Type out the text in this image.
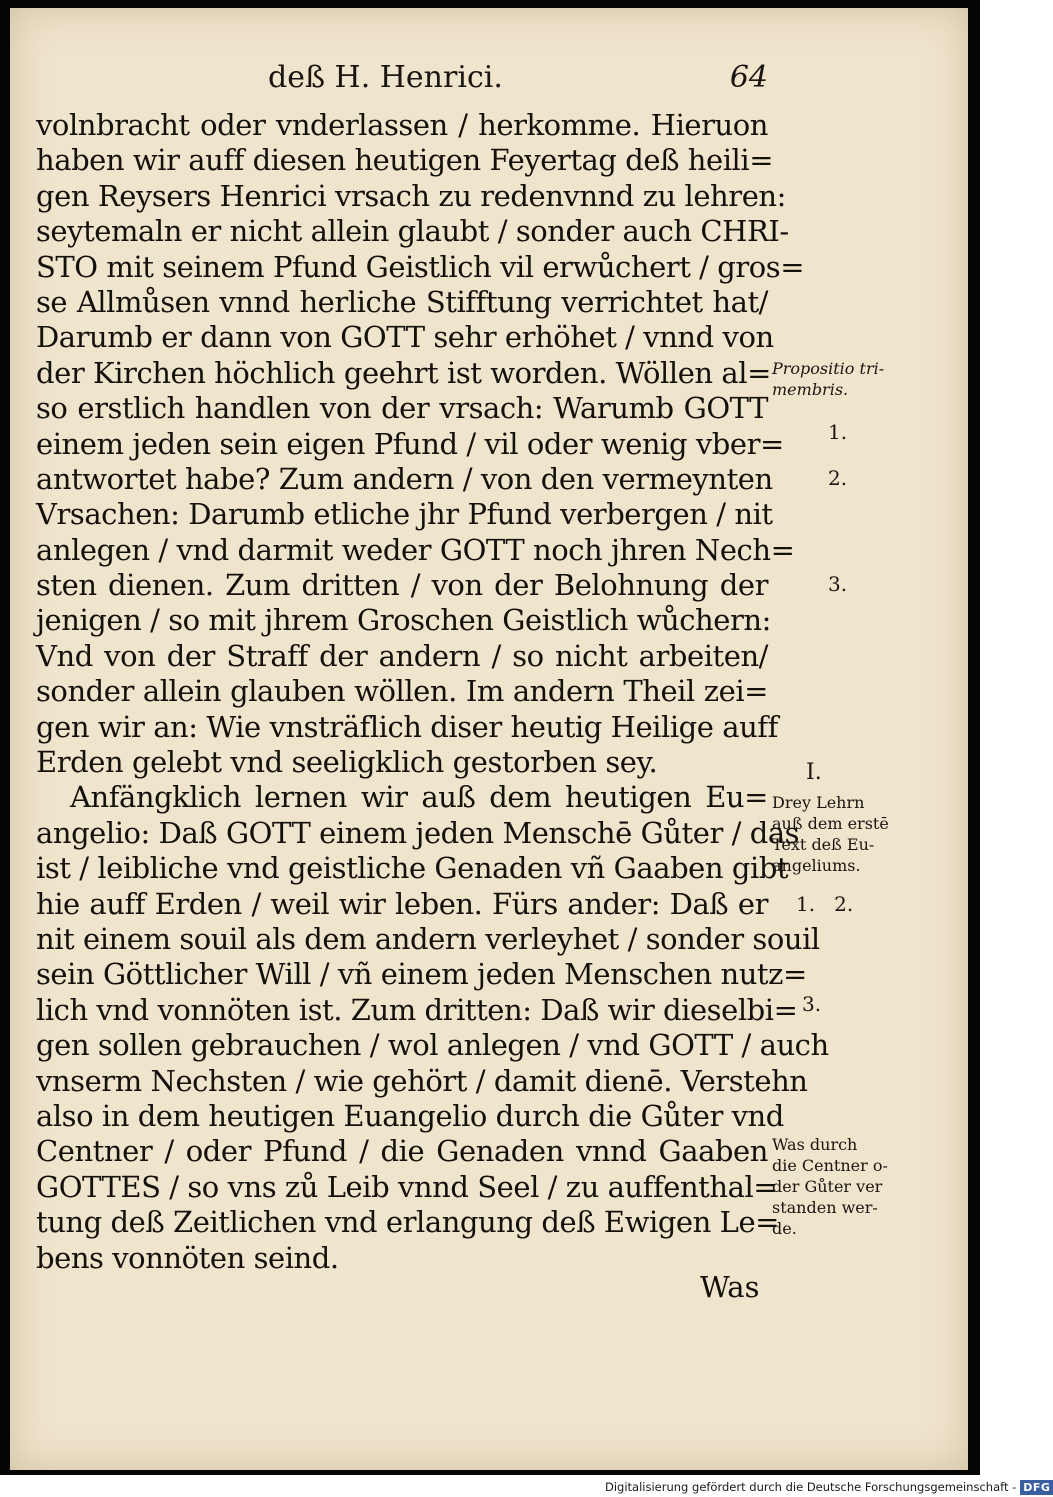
deß H. Henrici.	64
volnbracht oder vnderlassen / herkomme. Hieruon
haben wir auff diesen heutigen Feyertag deß heili=
gen Reysers Henrici vrsach zu redenvnnd zu lehren:
seytemaln er nicht allein glaubt / sonder auch CHRI-
STO mit seinem Pfund Geistlich vil erwůchert / gros=
se Allmůsen vnnd herliche Stifftung verrichtet hat/
Darumb er dann von GOTT sehr erhöhet / vnnd von
der Kirchen höchlich geehrt ist worden. Wöllen al=
so erstlich handlen von der vrsach: Warumb GOTT
einem jeden sein eigen Pfund / vil oder wenig vber=
antwortet habe? Zum andern / von den vermeynten
Vrsachen: Darumb etliche jhr Pfund verbergen / nit
anlegen / vnd darmit weder GOTT noch jhren Nech=
sten dienen. Zum dritten / von der Belohnung der
jenigen / so mit jhrem Groschen Geistlich wůchern:
Vnd von der Straff der andern / so nicht arbeiten/
sonder allein glauben wöllen. Im andern Theil zei=
gen wir an: Wie vnsträflich diser heutig Heilige auff
Erden gelebt vnd seeligklich gestorben sey.
Anfängklich lernen wir auß dem heutigen Eu=
angelio: Daß GOTT einem jeden Menschē Gůter / das
ist / leibliche vnd geistliche Genaden vñ Gaaben gibt
hie auff Erden / weil wir leben. Fürs ander: Daß er
nit einem souil als dem andern verleyhet / sonder souil
sein Göttlicher Will / vñ einem jeden Menschen nutz=
lich vnd vonnöten ist. Zum dritten: Daß wir dieselbi=
gen sollen gebrauchen / wol anlegen / vnd GOTT / auch
vnserm Nechsten / wie gehört / damit dienē. Verstehn
also in dem heutigen Euangelio durch die Gůter vnd
Centner / oder Pfund / die Genaden vnnd Gaaben
GOTTES / so vns zů Leib vnnd Seel / zu auffenthal=
tung deß Zeitlichen vnd erlangung deß Ewigen Le=
bens vonnöten seind.
Propositio tri-
membris.
1.
2.
3.
I.
Drey Lehrn
auß dem erstē
Text deß Eu-
angeliums.
1.   2.
3.
Was durch
die Centner o-
der Gůter ver
standen wer-
de.
Was
Digitalisierung gefördert durch die Deutsche Forschungsgemeinschaft - DFG
